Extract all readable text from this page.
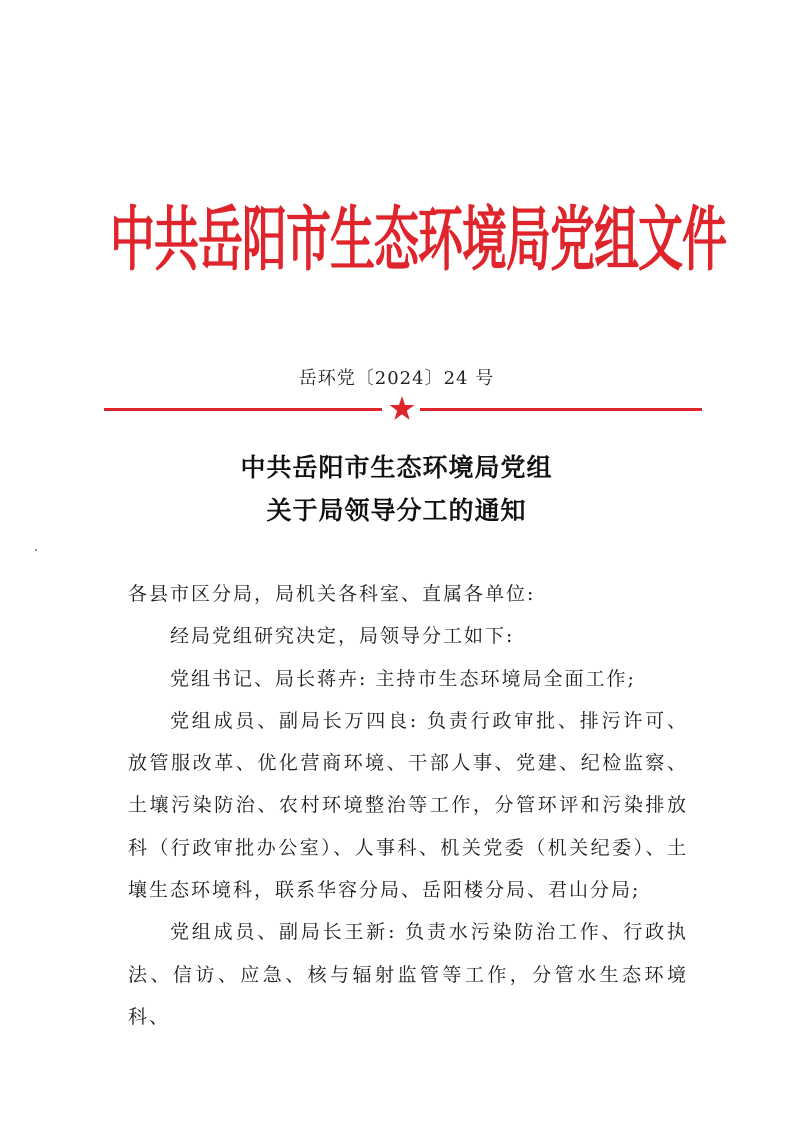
中共岳阳市生态环境局党组文件
岳环党〔2024〕24 号
中共岳阳市生态环境局党组
关于局领导分工的通知

各县市区分局，局机关各科室、直属各单位:

经局党组研究决定，局领导分工如下:

党组书记、局长蒋卉: 主持市生态环境局全面工作;

党组成员、副局长万四良: 负责行政审批、排污许可、放管服改革、优化营商环境、干部人事、党建、纪检监察、土壤污染防治、农村环境整治等工作，分管环评和污染排放科（行政审批办公室）、人事科、机关党委（机关纪委）、土壤生态环境科，联系华容分局、岳阳楼分局、君山分局;

党组成员、副局长王新: 负责水污染防治工作、行政执法、信访、应急、核与辐射监管等工作，分管水生态环境科、
